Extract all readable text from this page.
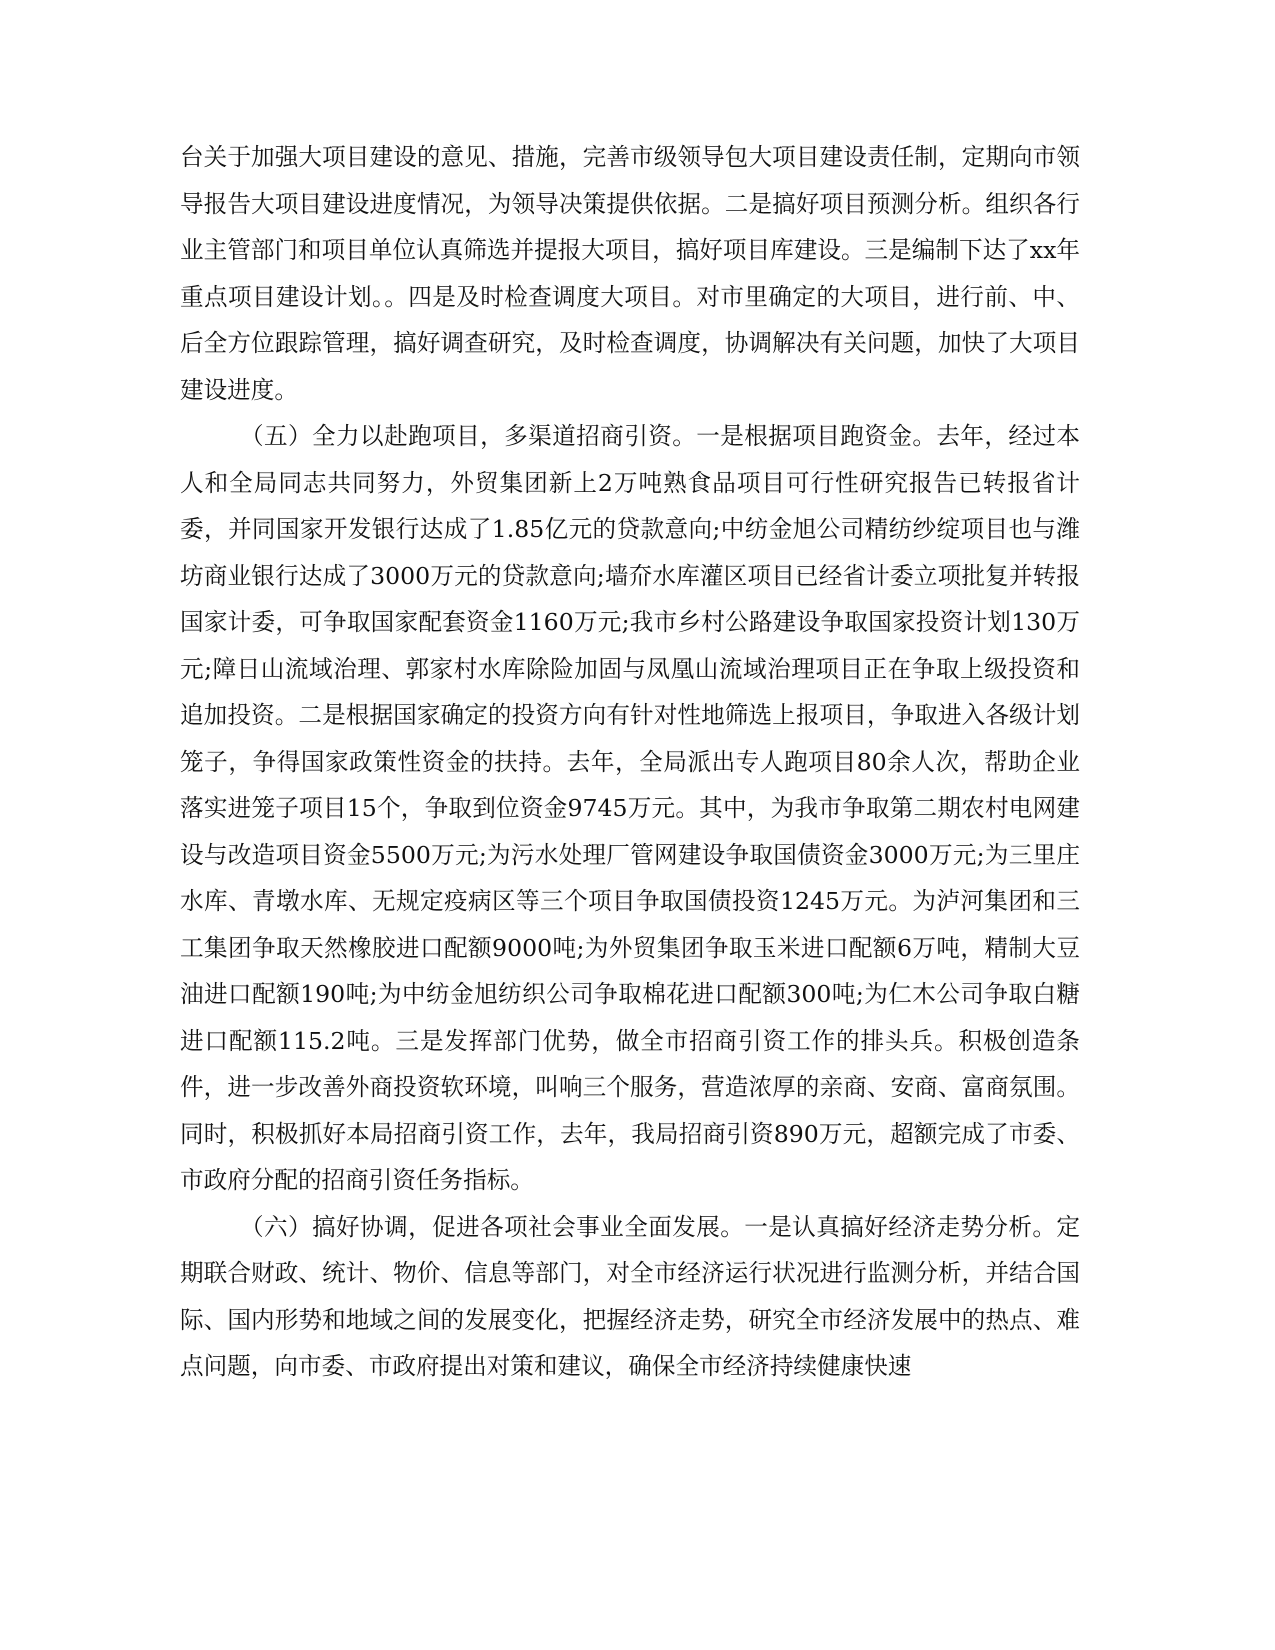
台关于加强大项目建设的意见、措施，完善市级领导包大项目建设责任制，定期向市领导报告大项目建设进度情况，为领导决策提供依据。二是搞好项目预测分析。组织各行业主管部门和项目单位认真筛选并提报大项目，搞好项目库建设。三是编制下达了xx年重点项目建设计划。。四是及时检查调度大项目。对市里确定的大项目，进行前、中、后全方位跟踪管理，搞好调查研究，及时检查调度，协调解决有关问题，加快了大项目建设进度。

（五）全力以赴跑项目，多渠道招商引资。一是根据项目跑资金。去年，经过本人和全局同志共同努力，外贸集团新上2万吨熟食品项目可行性研究报告已转报省计委，并同国家开发银行达成了1.85亿元的贷款意向;中纺金旭公司精纺纱绽项目也与潍坊商业银行达成了3000万元的贷款意向;墙夼水库灌区项目已经省计委立项批复并转报国家计委，可争取国家配套资金1160万元;我市乡村公路建设争取国家投资计划130万元;障日山流域治理、郭家村水库除险加固与凤凰山流域治理项目正在争取上级投资和追加投资。二是根据国家确定的投资方向有针对性地筛选上报项目，争取进入各级计划笼子，争得国家政策性资金的扶持。去年，全局派出专人跑项目80余人次，帮助企业落实进笼子项目15个，争取到位资金9745万元。其中，为我市争取第二期农村电网建设与改造项目资金5500万元;为污水处理厂管网建设争取国债资金3000万元;为三里庄水库、青墩水库、无规定疫病区等三个项目争取国债投资1245万元。为泸河集团和三工集团争取天然橡胶进口配额9000吨;为外贸集团争取玉米进口配额6万吨，精制大豆油进口配额190吨;为中纺金旭纺织公司争取棉花进口配额300吨;为仁木公司争取白糖进口配额115.2吨。三是发挥部门优势，做全市招商引资工作的排头兵。积极创造条件，进一步改善外商投资软环境，叫响三个服务，营造浓厚的亲商、安商、富商氛围。同时，积极抓好本局招商引资工作，去年，我局招商引资890万元，超额完成了市委、市政府分配的招商引资任务指标。

（六）搞好协调，促进各项社会事业全面发展。一是认真搞好经济走势分析。定期联合财政、统计、物价、信息等部门，对全市经济运行状况进行监测分析，并结合国际、国内形势和地域之间的发展变化，把握经济走势，研究全市经济发展中的热点、难点问题，向市委、市政府提出对策和建议，确保全市经济持续健康快速
